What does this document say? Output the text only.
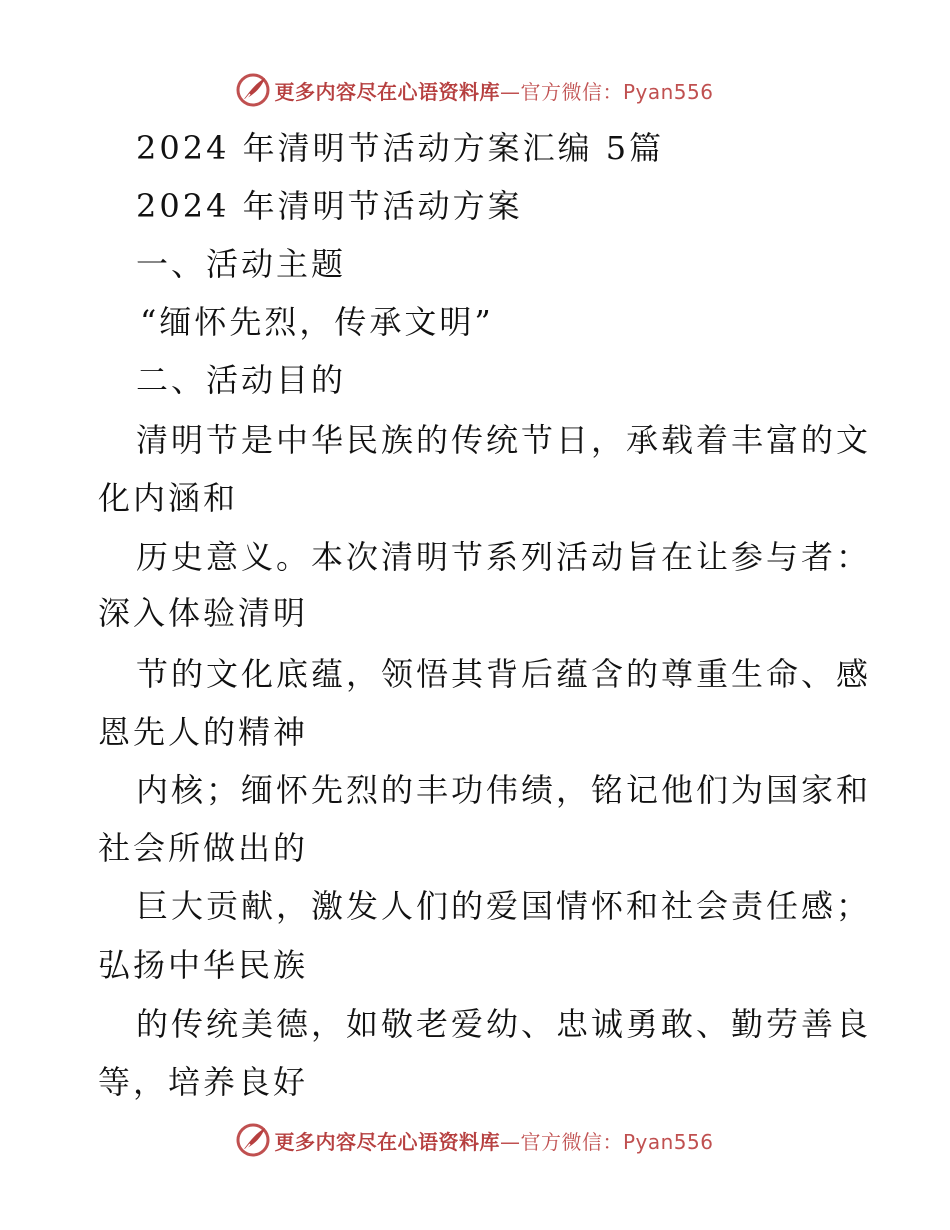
更多内容尽在心语资料库—官方微信：Pyan556
2024 年清明节活动方案汇编 5篇
2024 年清明节活动方案
一、活动主题
“缅怀先烈，传承文明”
二、活动目的
清明节是中华民族的传统节日，承载着丰富的文
化内涵和
历史意义。本次清明节系列活动旨在让参与者：
深入体验清明
节的文化底蕴，领悟其背后蕴含的尊重生命、感
恩先人的精神
内核；缅怀先烈的丰功伟绩，铭记他们为国家和
社会所做出的
巨大贡献，激发人们的爱国情怀和社会责任感；
弘扬中华民族
的传统美德，如敬老爱幼、忠诚勇敢、勤劳善良
等，培养良好
更多内容尽在心语资料库—官方微信：Pyan556
